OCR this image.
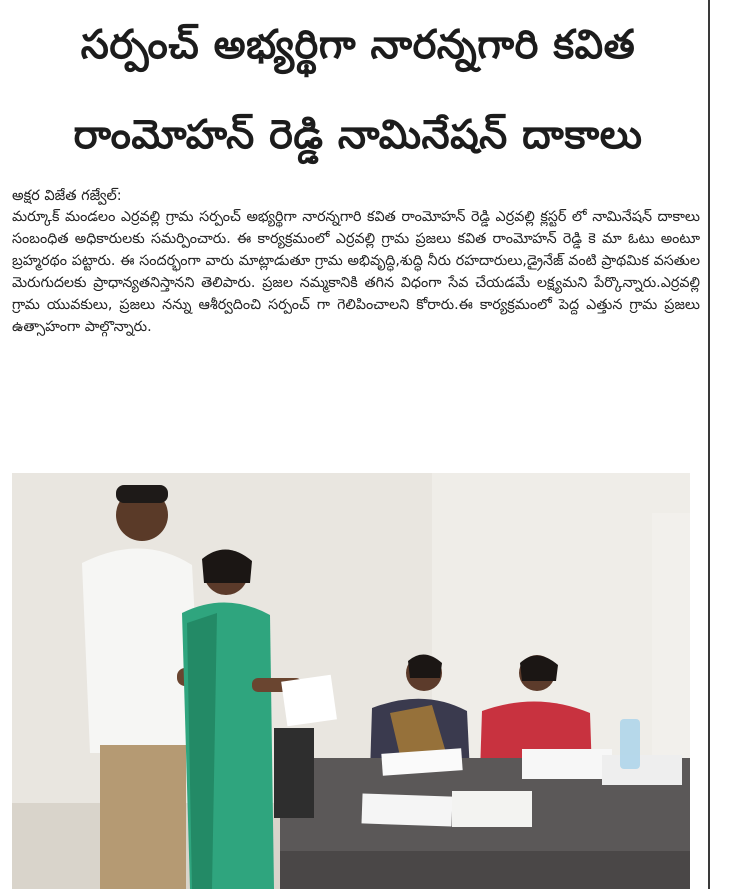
సర్పంచ్ అభ్యర్థిగా నారన్నగారి కవిత
రాంమోహన్ రెడ్డి నామినేషన్ దాకాలు
అక్షర విజేత గజ్వేల్:
మర్కూక్ మండలం ఎర్రవల్లి గ్రామ సర్పంచ్ అభ్యర్థిగా నారన్నగారి కవిత రాంమోహన్ రెడ్డి ఎర్రవల్లి క్లస్టర్ లో నామినేషన్ దాకాలు సంబంధిత అధికారులకు సమర్పించారు. ఈ కార్యక్రమంలో ఎర్రవల్లి గ్రామ ప్రజలు కవిత రాంమోహన్ రెడ్డి కె మా ఓటు అంటూ బ్రహ్మరథం పట్టారు. ఈ సందర్భంగా వారు మాట్లాడుతూ గ్రామ అభివృద్ధి,శుద్ధి నీరు రహదారులు,డ్రైనేజ్ వంటి ప్రాథమిక వసతుల మెరుగుదలకు ప్రాధాన్యతనిస్తానని తెలిపారు. ప్రజల నమ్మకానికి తగిన విధంగా సేవ చేయడమే లక్ష్యమని పేర్కొన్నారు.ఎర్రవల్లి గ్రామ యువకులు, ప్రజలు నన్ను ఆశీర్వదించి సర్పంచ్ గా గెలిపించాలని కోరారు.ఈ కార్యక్రమంలో పెద్ద ఎత్తున గ్రామ ప్రజలు ఉత్సాహంగా పాల్గొన్నారు.
